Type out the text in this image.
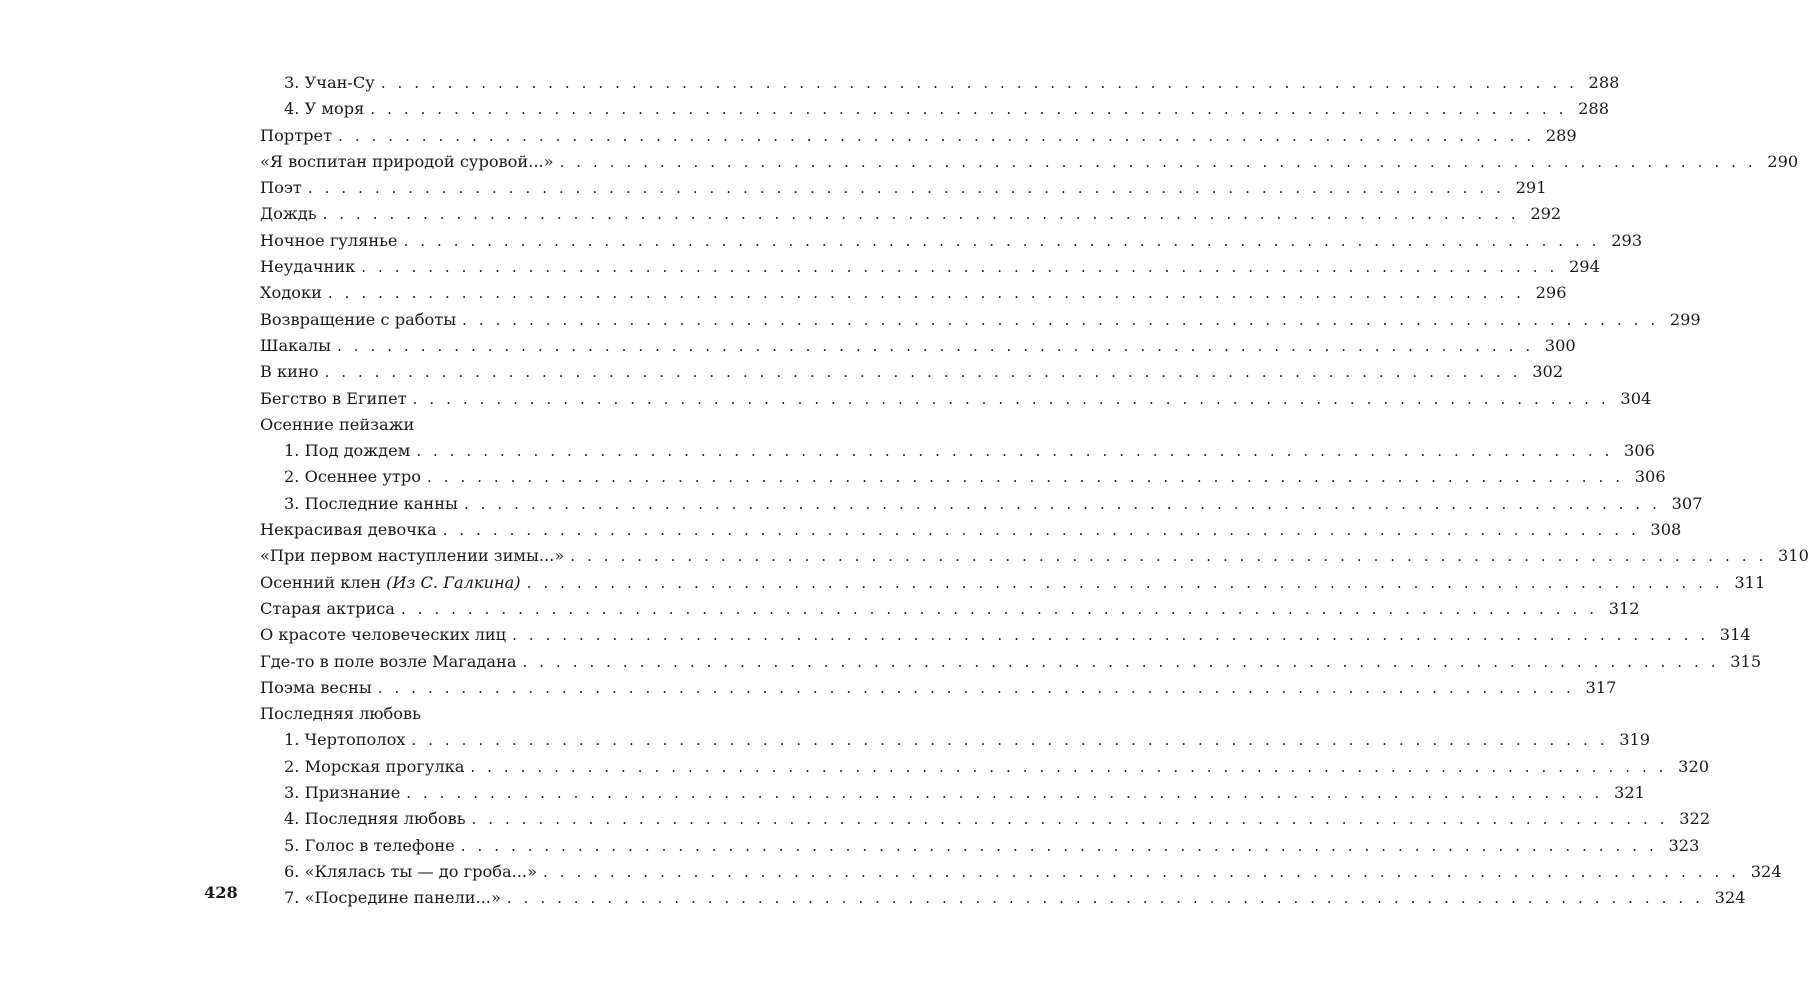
3. Учан-Су . . . . . . . . . . . . . . . . . . . . . . . . . . . . . . . . . . . . . . . . . . . . . . . . . . . . . . . . . . . . . . . . . . . . . . . . 288
4. У моря . . . . . . . . . . . . . . . . . . . . . . . . . . . . . . . . . . . . . . . . . . . . . . . . . . . . . . . . . . . . . . . . . . . . . . . . 288
Портрет . . . . . . . . . . . . . . . . . . . . . . . . . . . . . . . . . . . . . . . . . . . . . . . . . . . . . . . . . . . . . . . . . . . . . . . . 289
«Я воспитан природой суровой...» . . . . . . . . . . . . . . . . . . . . . . . . . . . . . . . . . . . . . . . . . . . . . . . . . . . . . . . . . . . . . . . . . . . . . . . . 290
Поэт . . . . . . . . . . . . . . . . . . . . . . . . . . . . . . . . . . . . . . . . . . . . . . . . . . . . . . . . . . . . . . . . . . . . . . . . 291
Дождь . . . . . . . . . . . . . . . . . . . . . . . . . . . . . . . . . . . . . . . . . . . . . . . . . . . . . . . . . . . . . . . . . . . . . . . . 292
Ночное гулянье . . . . . . . . . . . . . . . . . . . . . . . . . . . . . . . . . . . . . . . . . . . . . . . . . . . . . . . . . . . . . . . . . . . . . . . . 293
Неудачник . . . . . . . . . . . . . . . . . . . . . . . . . . . . . . . . . . . . . . . . . . . . . . . . . . . . . . . . . . . . . . . . . . . . . . . . 294
Ходоки . . . . . . . . . . . . . . . . . . . . . . . . . . . . . . . . . . . . . . . . . . . . . . . . . . . . . . . . . . . . . . . . . . . . . . . . 296
Возвращение с работы . . . . . . . . . . . . . . . . . . . . . . . . . . . . . . . . . . . . . . . . . . . . . . . . . . . . . . . . . . . . . . . . . . . . . . . . 299
Шакалы . . . . . . . . . . . . . . . . . . . . . . . . . . . . . . . . . . . . . . . . . . . . . . . . . . . . . . . . . . . . . . . . . . . . . . . . 300
В кино . . . . . . . . . . . . . . . . . . . . . . . . . . . . . . . . . . . . . . . . . . . . . . . . . . . . . . . . . . . . . . . . . . . . . . . . 302
Бегство в Египет . . . . . . . . . . . . . . . . . . . . . . . . . . . . . . . . . . . . . . . . . . . . . . . . . . . . . . . . . . . . . . . . . . . . . . . . 304
Осенние пейзажи
1. Под дождем . . . . . . . . . . . . . . . . . . . . . . . . . . . . . . . . . . . . . . . . . . . . . . . . . . . . . . . . . . . . . . . . . . . . . . . . 306
2. Осеннее утро . . . . . . . . . . . . . . . . . . . . . . . . . . . . . . . . . . . . . . . . . . . . . . . . . . . . . . . . . . . . . . . . . . . . . . . . 306
3. Последние канны . . . . . . . . . . . . . . . . . . . . . . . . . . . . . . . . . . . . . . . . . . . . . . . . . . . . . . . . . . . . . . . . . . . . . . . . 307
Некрасивая девочка . . . . . . . . . . . . . . . . . . . . . . . . . . . . . . . . . . . . . . . . . . . . . . . . . . . . . . . . . . . . . . . . . . . . . . . . 308
«При первом наступлении зимы...» . . . . . . . . . . . . . . . . . . . . . . . . . . . . . . . . . . . . . . . . . . . . . . . . . . . . . . . . . . . . . . . . . . . . . . . . 310
Осенний клен (Из С. Галкина) . . . . . . . . . . . . . . . . . . . . . . . . . . . . . . . . . . . . . . . . . . . . . . . . . . . . . . . . . . . . . . . . . . . . . . . . 311
Старая актриса . . . . . . . . . . . . . . . . . . . . . . . . . . . . . . . . . . . . . . . . . . . . . . . . . . . . . . . . . . . . . . . . . . . . . . . . 312
О красоте человеческих лиц . . . . . . . . . . . . . . . . . . . . . . . . . . . . . . . . . . . . . . . . . . . . . . . . . . . . . . . . . . . . . . . . . . . . . . . . 314
Где-то в поле возле Магадана . . . . . . . . . . . . . . . . . . . . . . . . . . . . . . . . . . . . . . . . . . . . . . . . . . . . . . . . . . . . . . . . . . . . . . . . 315
Поэма весны . . . . . . . . . . . . . . . . . . . . . . . . . . . . . . . . . . . . . . . . . . . . . . . . . . . . . . . . . . . . . . . . . . . . . . . . 317
Последняя любовь
1. Чертополох . . . . . . . . . . . . . . . . . . . . . . . . . . . . . . . . . . . . . . . . . . . . . . . . . . . . . . . . . . . . . . . . . . . . . . . . 319
2. Морская прогулка . . . . . . . . . . . . . . . . . . . . . . . . . . . . . . . . . . . . . . . . . . . . . . . . . . . . . . . . . . . . . . . . . . . . . . . . 320
3. Признание . . . . . . . . . . . . . . . . . . . . . . . . . . . . . . . . . . . . . . . . . . . . . . . . . . . . . . . . . . . . . . . . . . . . . . . . 321
4. Последняя любовь . . . . . . . . . . . . . . . . . . . . . . . . . . . . . . . . . . . . . . . . . . . . . . . . . . . . . . . . . . . . . . . . . . . . . . . . 322
5. Голос в телефоне . . . . . . . . . . . . . . . . . . . . . . . . . . . . . . . . . . . . . . . . . . . . . . . . . . . . . . . . . . . . . . . . . . . . . . . . 323
6. «Клялась ты — до гроба...» . . . . . . . . . . . . . . . . . . . . . . . . . . . . . . . . . . . . . . . . . . . . . . . . . . . . . . . . . . . . . . . . . . . . . . . . 324
7. «Посредине панели...» . . . . . . . . . . . . . . . . . . . . . . . . . . . . . . . . . . . . . . . . . . . . . . . . . . . . . . . . . . . . . . . . . . . . . . . . 324
428
